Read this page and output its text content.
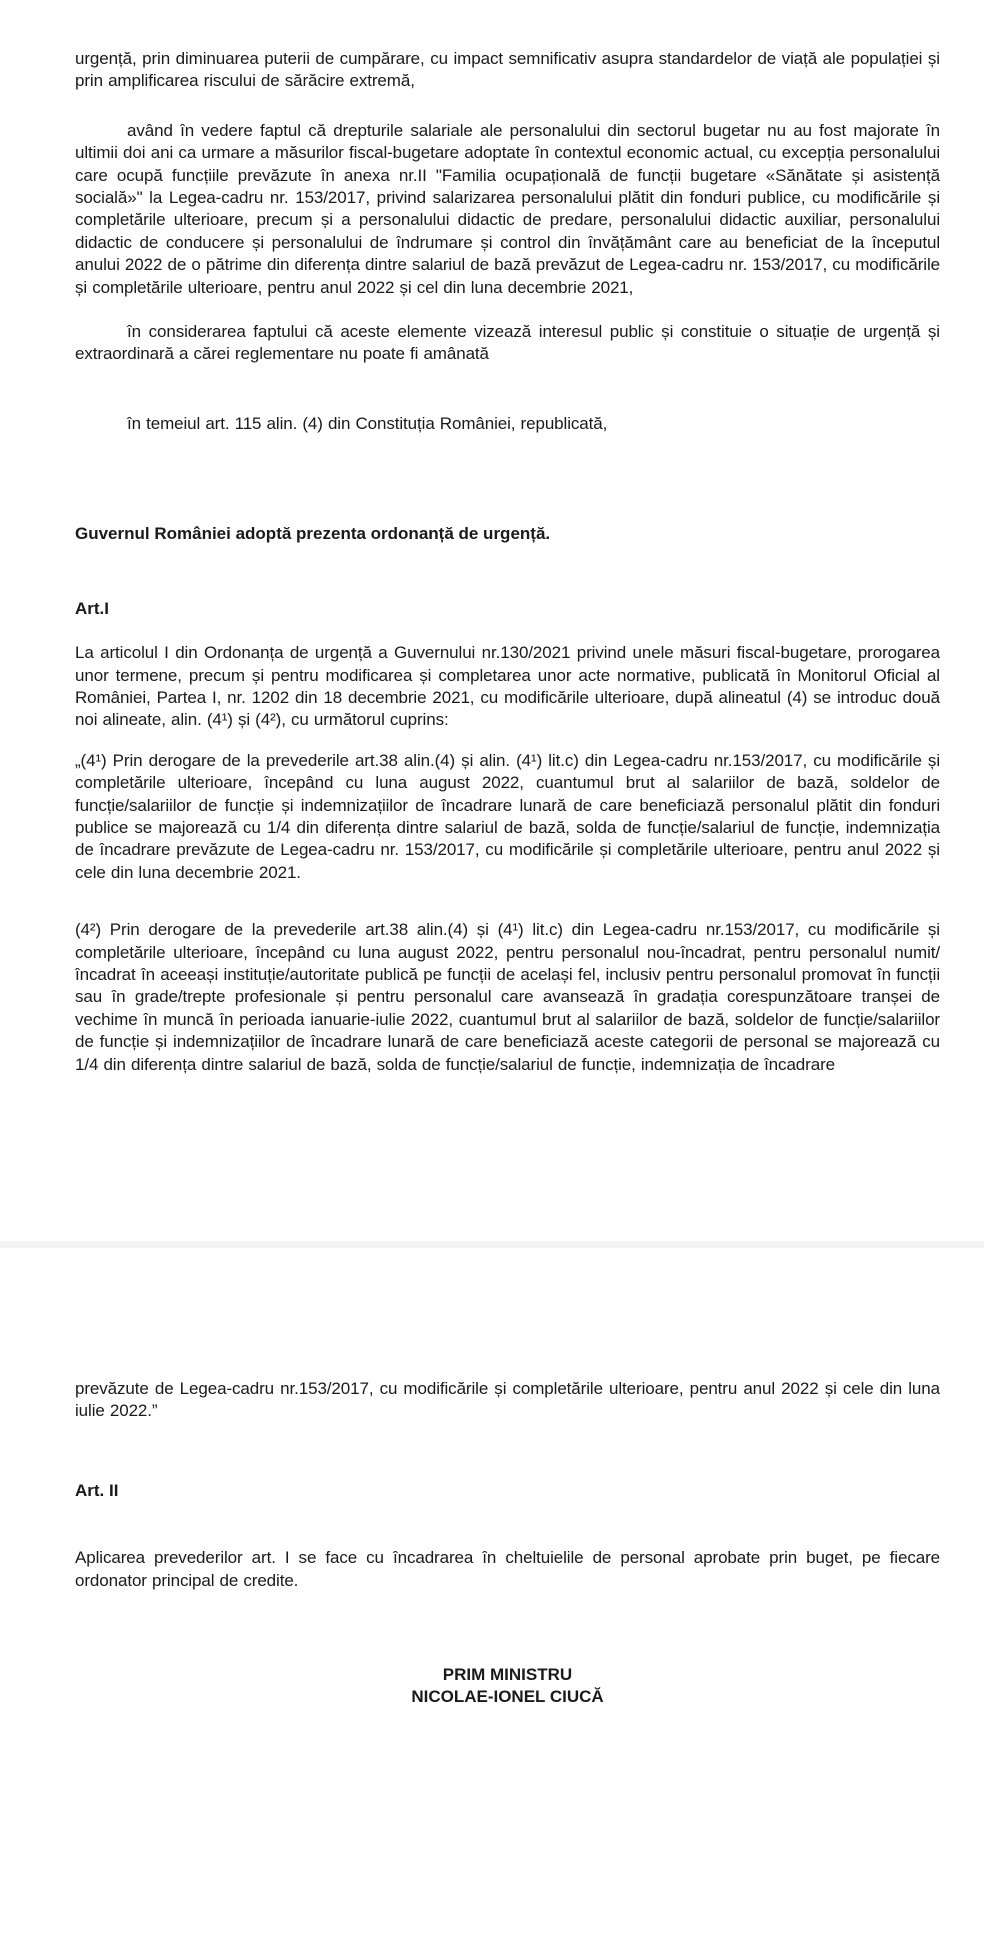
urgență, prin diminuarea puterii de cumpărare, cu impact semnificativ asupra standardelor de viață ale populației și prin amplificarea riscului de sărăcire extremă,

având în vedere faptul că drepturile salariale ale personalului din sectorul bugetar nu au fost majorate în ultimii doi ani ca urmare a măsurilor fiscal-bugetare adoptate în contextul economic actual, cu excepția personalului care ocupă funcțiile prevăzute în anexa nr.II "Familia ocupațională de funcții bugetare «Sănătate și asistență socială»" la Legea-cadru nr. 153/2017, privind salarizarea personalului plătit din fonduri publice, cu modificările și completările ulterioare, precum și a personalului didactic de predare, personalului didactic auxiliar, personalului didactic de conducere și personalului de îndrumare și control din învățământ care au beneficiat de la începutul anului 2022 de o pătrime din diferența dintre salariul de bază prevăzut de Legea-cadru nr. 153/2017, cu modificările și completările ulterioare, pentru anul 2022 și cel din luna decembrie 2021,

în considerarea faptului că aceste elemente vizează interesul public și constituie o situație de urgență și extraordinară a cărei reglementare nu poate fi amânată

în temeiul art. 115 alin. (4) din Constituția României, republicată,

Guvernul României adoptă prezenta ordonanță de urgență.

Art.I

La articolul I din Ordonanța de urgență a Guvernului nr.130/2021 privind unele măsuri fiscal-bugetare, prorogarea unor termene, precum și pentru modificarea și completarea unor acte normative, publicată în Monitorul Oficial al României, Partea I, nr. 1202 din 18 decembrie 2021, cu modificările ulterioare, după alineatul (4) se introduc două noi alineate, alin. (4¹) și (4²), cu următorul cuprins:

„(4¹) Prin derogare de la prevederile art.38 alin.(4) și alin. (4¹) lit.c) din Legea-cadru nr.153/2017, cu modificările și completările ulterioare, începând cu luna august 2022, cuantumul brut al salariilor de bază, soldelor de funcție/salariilor de funcție și indemnizațiilor de încadrare lunară de care beneficiază personalul plătit din fonduri publice se majorează cu 1/4 din diferența dintre salariul de bază, solda de funcție/salariul de funcție, indemnizația de încadrare prevăzute de Legea-cadru nr. 153/2017, cu modificările și completările ulterioare, pentru anul 2022 și cele din luna decembrie 2021.

(4²) Prin derogare de la prevederile art.38 alin.(4) și (4¹) lit.c) din Legea-cadru nr.153/2017, cu modificările și completările ulterioare, începând cu luna august 2022, pentru personalul nou-încadrat, pentru personalul numit/încadrat în aceeași instituție/autoritate publică pe funcții de același fel, inclusiv pentru personalul promovat în funcții sau în grade/trepte profesionale și pentru personalul care avansează în gradația corespunzătoare tranșei de vechime în muncă în perioada ianuarie-iulie 2022, cuantumul brut al salariilor de bază, soldelor de funcție/salariilor de funcție și indemnizațiilor de încadrare lunară de care beneficiază aceste categorii de personal se majorează cu 1/4 din diferența dintre salariul de bază, solda de funcție/salariul de funcție, indemnizația de încadrare

prevăzute de Legea-cadru nr.153/2017, cu modificările și completările ulterioare, pentru anul 2022 și cele din luna iulie 2022.”

Art. II

Aplicarea prevederilor art. I se face cu încadrarea în cheltuielile de personal aprobate prin buget, pe fiecare ordonator principal de credite.

PRIM MINISTRU

NICOLAE-IONEL CIUCĂ
